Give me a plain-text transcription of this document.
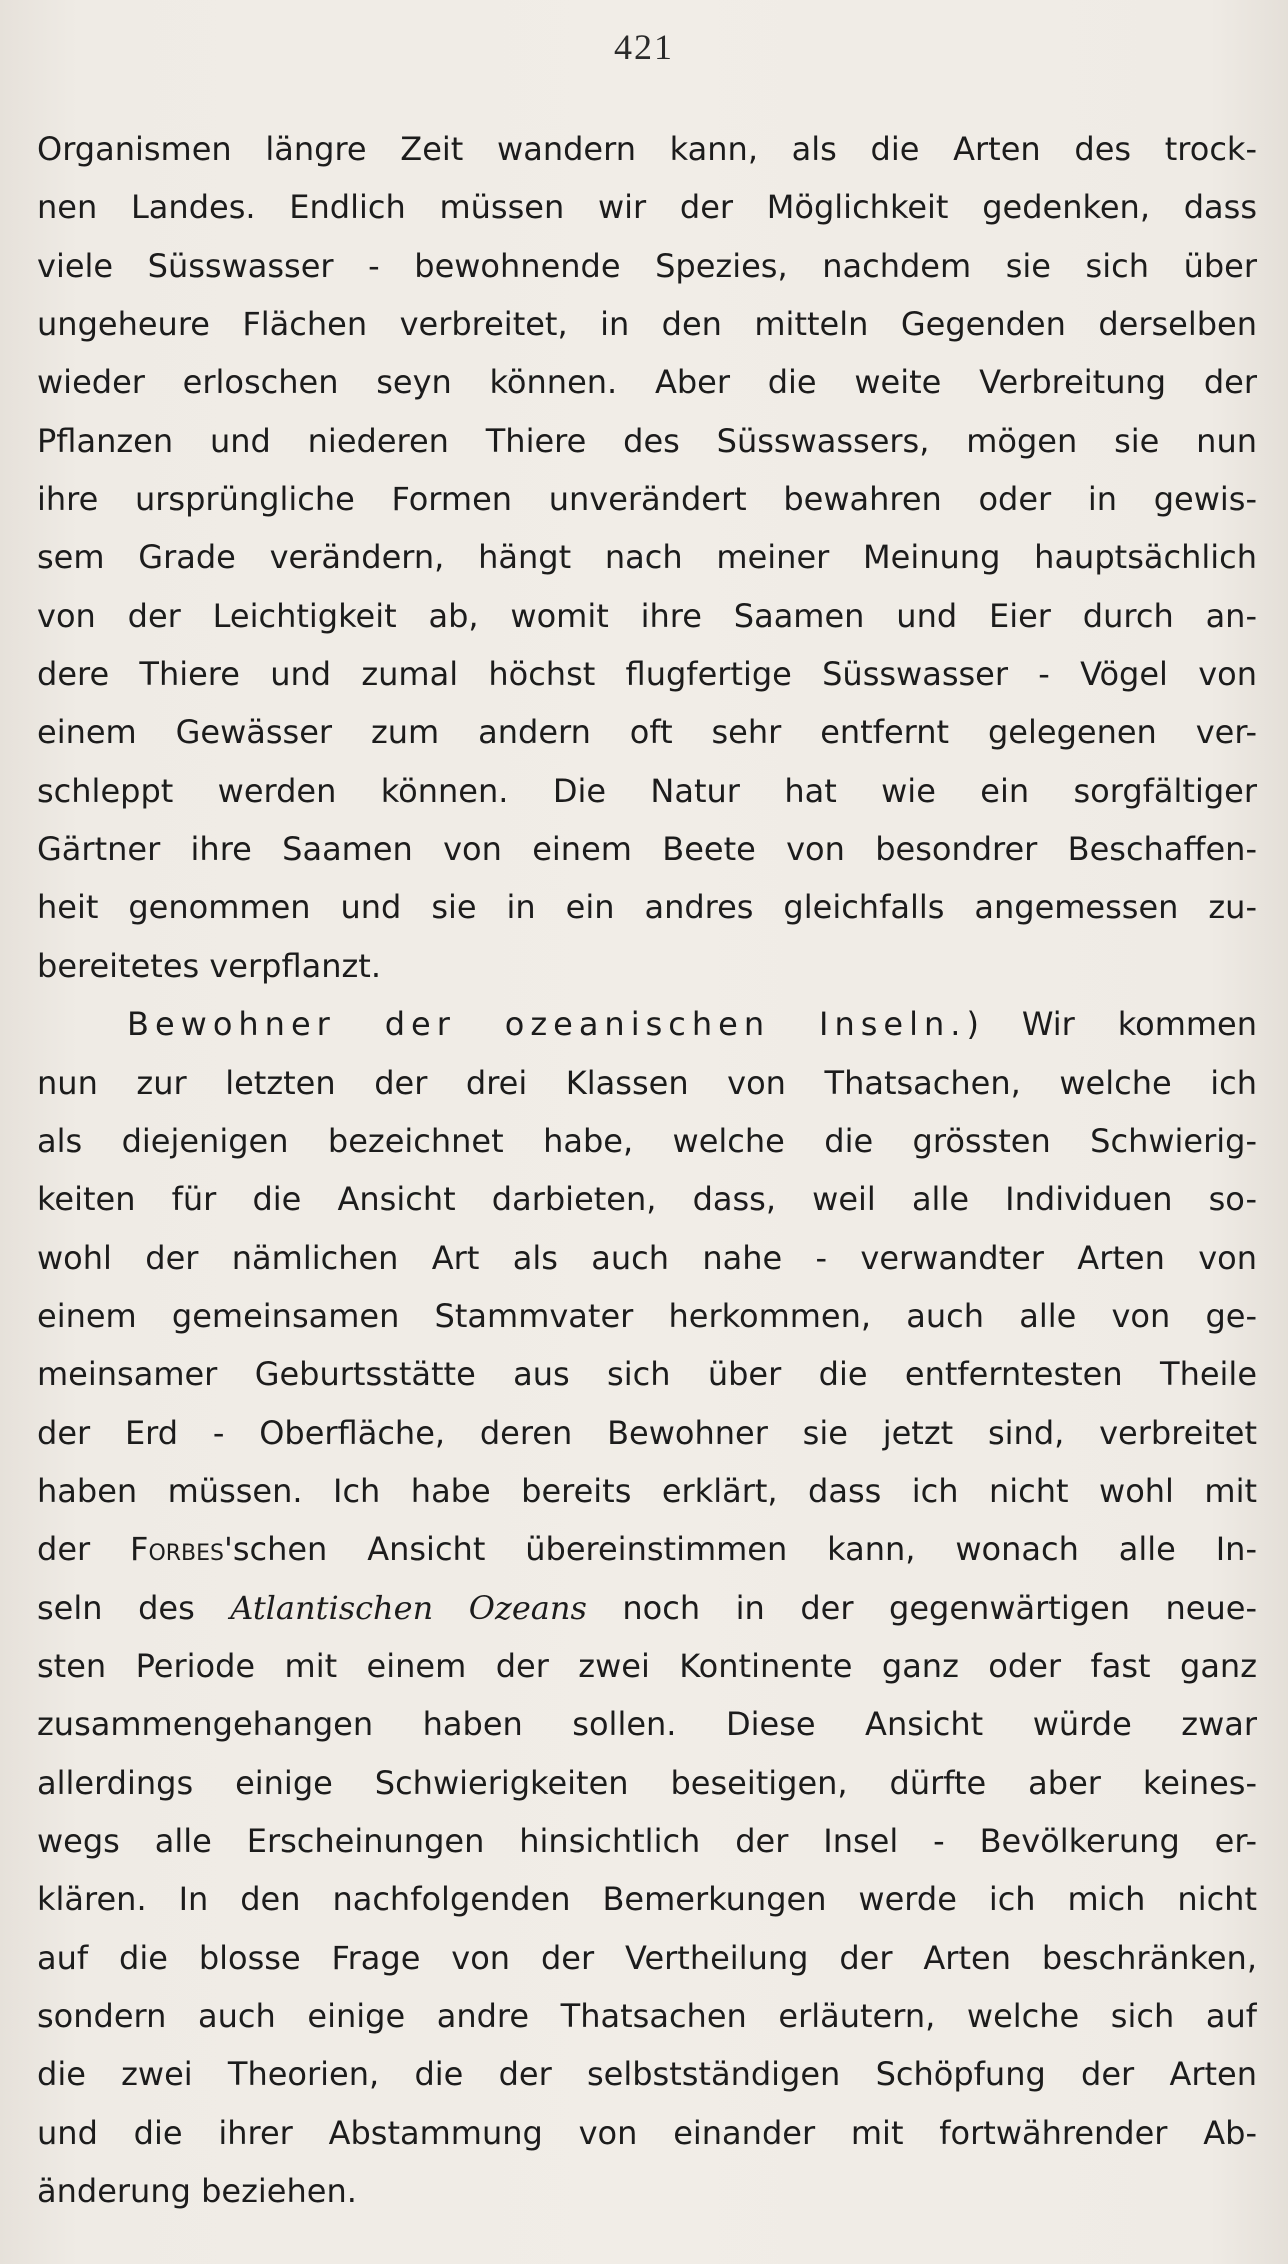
421
Organismen längre Zeit wandern kann, als die Arten des trock-
nen Landes. Endlich müssen wir der Möglichkeit gedenken, dass
viele Süsswasser - bewohnende Spezies, nachdem sie sich über
ungeheure Flächen verbreitet, in den mitteln Gegenden derselben
wieder erloschen seyn können. Aber die weite Verbreitung der
Pflanzen und niederen Thiere des Süsswassers, mögen sie nun
ihre ursprüngliche Formen unverändert bewahren oder in gewis-
sem Grade verändern, hängt nach meiner Meinung hauptsächlich
von der Leichtigkeit ab, womit ihre Saamen und Eier durch an-
dere Thiere und zumal höchst flugfertige Süsswasser - Vögel von
einem Gewässer zum andern oft sehr entfernt gelegenen ver-
schleppt werden können. Die Natur hat wie ein sorgfältiger
Gärtner ihre Saamen von einem Beete von besondrer Beschaffen-
heit genommen und sie in ein andres gleichfalls angemessen zu-
bereitetes verpflanzt.
Bewohner der ozeanischen Inseln.) Wir kommen
nun zur letzten der drei Klassen von Thatsachen, welche ich
als diejenigen bezeichnet habe, welche die grössten Schwierig-
keiten für die Ansicht darbieten, dass, weil alle Individuen so-
wohl der nämlichen Art als auch nahe - verwandter Arten von
einem gemeinsamen Stammvater herkommen, auch alle von ge-
meinsamer Geburtsstätte aus sich über die entferntesten Theile
der Erd - Oberfläche, deren Bewohner sie jetzt sind, verbreitet
haben müssen. Ich habe bereits erklärt, dass ich nicht wohl mit
der Forbes'schen Ansicht übereinstimmen kann, wonach alle In-
seln des Atlantischen Ozeans noch in der gegenwärtigen neue-
sten Periode mit einem der zwei Kontinente ganz oder fast ganz
zusammengehangen haben sollen. Diese Ansicht würde zwar
allerdings einige Schwierigkeiten beseitigen, dürfte aber keines-
wegs alle Erscheinungen hinsichtlich der Insel - Bevölkerung er-
klären. In den nachfolgenden Bemerkungen werde ich mich nicht
auf die blosse Frage von der Vertheilung der Arten beschränken,
sondern auch einige andre Thatsachen erläutern, welche sich auf
die zwei Theorien, die der selbstständigen Schöpfung der Arten
und die ihrer Abstammung von einander mit fortwährender Ab-
änderung beziehen.
